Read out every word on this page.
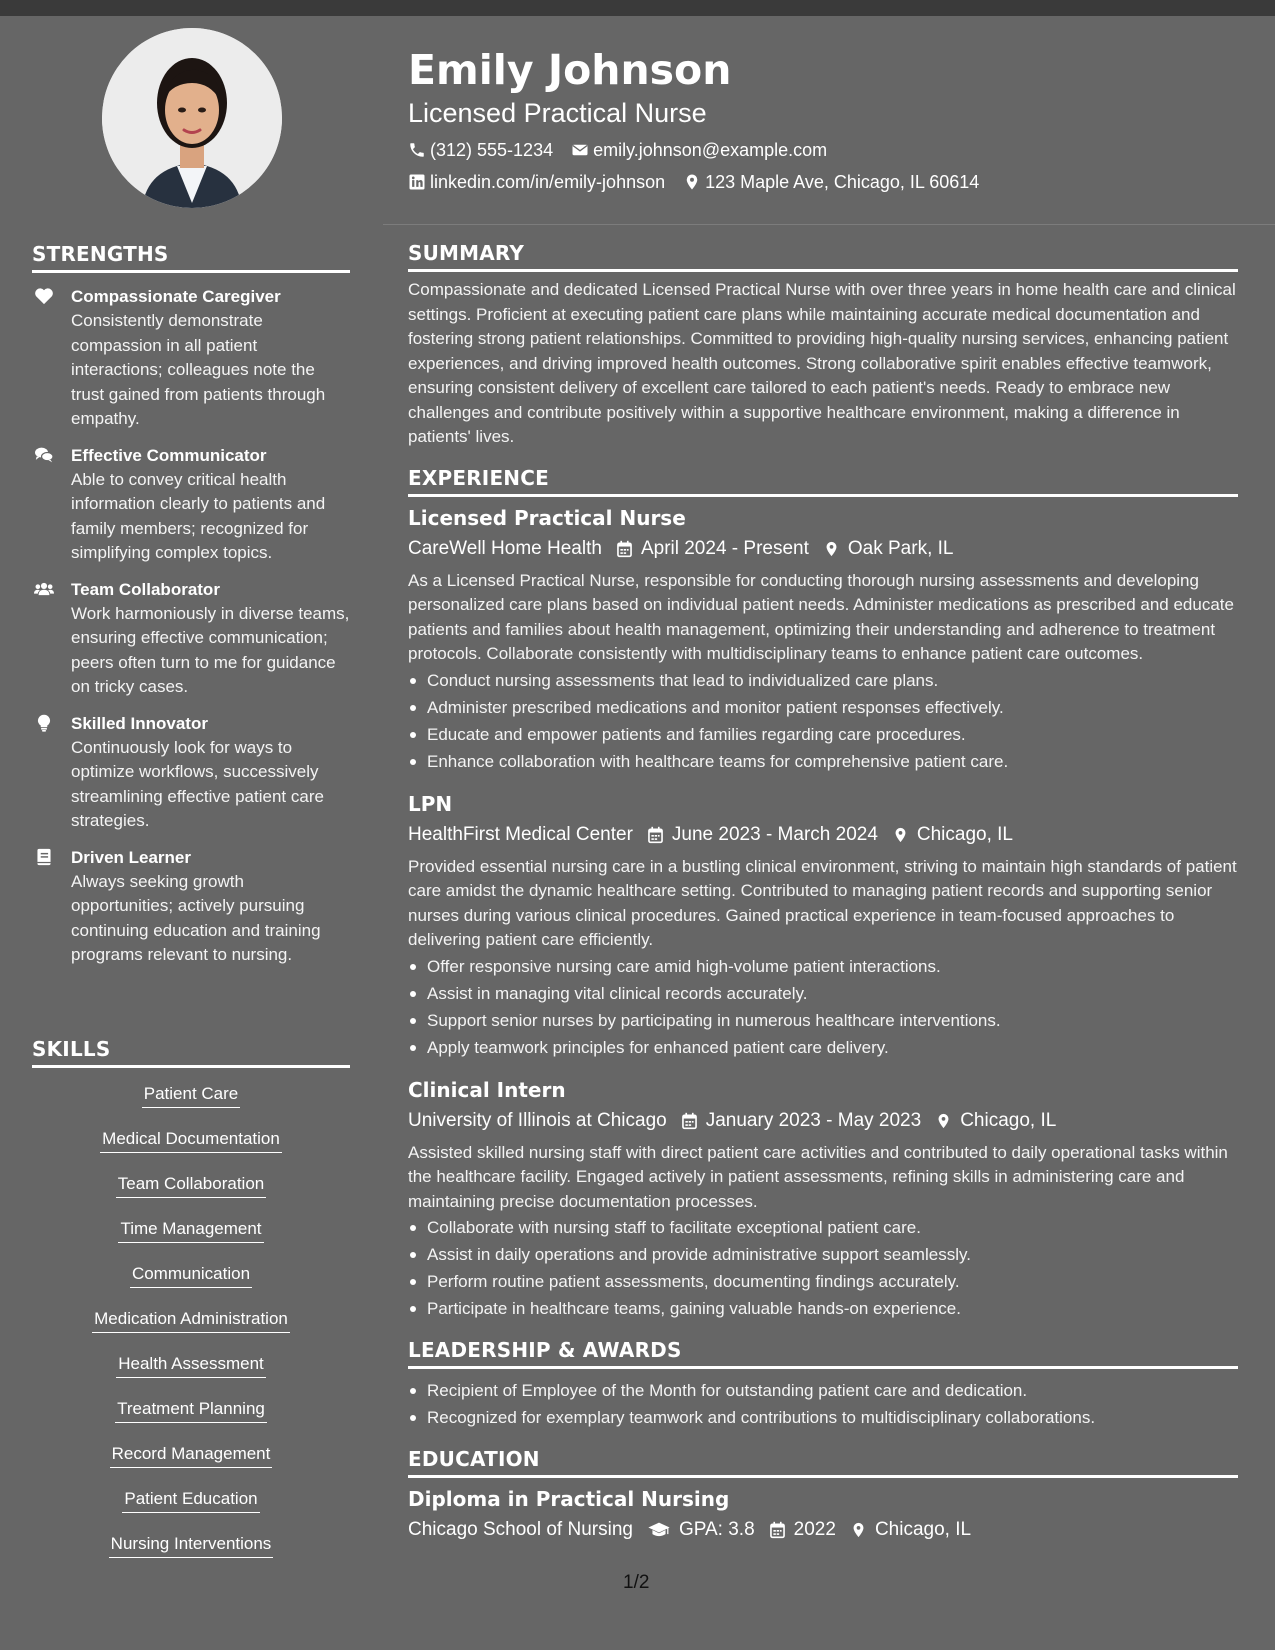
STRENGTHS
Compassionate Caregiver
Consistently demonstrate compassion in all patient interactions; colleagues note the trust gained from patients through empathy.
Effective Communicator
Able to convey critical health information clearly to patients and family members; recognized for simplifying complex topics.
Team Collaborator
Work harmoniously in diverse teams, ensuring effective communication; peers often turn to me for guidance on tricky cases.
Skilled Innovator
Continuously look for ways to optimize workflows, successively streamlining effective patient care strategies.
Driven Learner
Always seeking growth opportunities; actively pursuing continuing education and training programs relevant to nursing.
SKILLS
Patient Care
Medical Documentation
Team Collaboration
Time Management
Communication
Medication Administration
Health Assessment
Treatment Planning
Record Management
Patient Education
Nursing Interventions
Emily Johnson
Licensed Practical Nurse
(312) 555-1234 emily.johnson@example.com
linkedin.com/in/emily-johnson 123 Maple Ave, Chicago, IL 60614
SUMMARY

Compassionate and dedicated Licensed Practical Nurse with over three years in home health care and clinical settings. Proficient at executing patient care plans while maintaining accurate medical documentation and fostering strong patient relationships. Committed to providing high-quality nursing services, enhancing patient experiences, and driving improved health outcomes. Strong collaborative spirit enables effective teamwork, ensuring consistent delivery of excellent care tailored to each patient's needs. Ready to embrace new challenges and contribute positively within a supportive healthcare environment, making a difference in patients' lives.

EXPERIENCE
Licensed Practical Nurse
CareWell Home Health April 2024 - Present Oak Park, IL

As a Licensed Practical Nurse, responsible for conducting thorough nursing assessments and developing personalized care plans based on individual patient needs. Administer medications as prescribed and educate patients and families about health management, optimizing their understanding and adherence to treatment protocols. Collaborate consistently with multidisciplinary teams to enhance patient care outcomes.

Conduct nursing assessments that lead to individualized care plans.
Administer prescribed medications and monitor patient responses effectively.
Educate and empower patients and families regarding care procedures.
Enhance collaboration with healthcare teams for comprehensive patient care.
LPN
HealthFirst Medical Center June 2023 - March 2024 Chicago, IL

Provided essential nursing care in a bustling clinical environment, striving to maintain high standards of patient care amidst the dynamic healthcare setting. Contributed to managing patient records and supporting senior nurses during various clinical procedures. Gained practical experience in team-focused approaches to delivering patient care efficiently.

Offer responsive nursing care amid high-volume patient interactions.
Assist in managing vital clinical records accurately.
Support senior nurses by participating in numerous healthcare interventions.
Apply teamwork principles for enhanced patient care delivery.
Clinical Intern
University of Illinois at Chicago January 2023 - May 2023 Chicago, IL

Assisted skilled nursing staff with direct patient care activities and contributed to daily operational tasks within the healthcare facility. Engaged actively in patient assessments, refining skills in administering care and maintaining precise documentation processes.

Collaborate with nursing staff to facilitate exceptional patient care.
Assist in daily operations and provide administrative support seamlessly.
Perform routine patient assessments, documenting findings accurately.
Participate in healthcare teams, gaining valuable hands-on experience.
LEADERSHIP & AWARDS
Recipient of Employee of the Month for outstanding patient care and dedication.
Recognized for exemplary teamwork and contributions to multidisciplinary collaborations.
EDUCATION
Diploma in Practical Nursing
Chicago School of Nursing GPA: 3.8 2022 Chicago, IL
1/2
